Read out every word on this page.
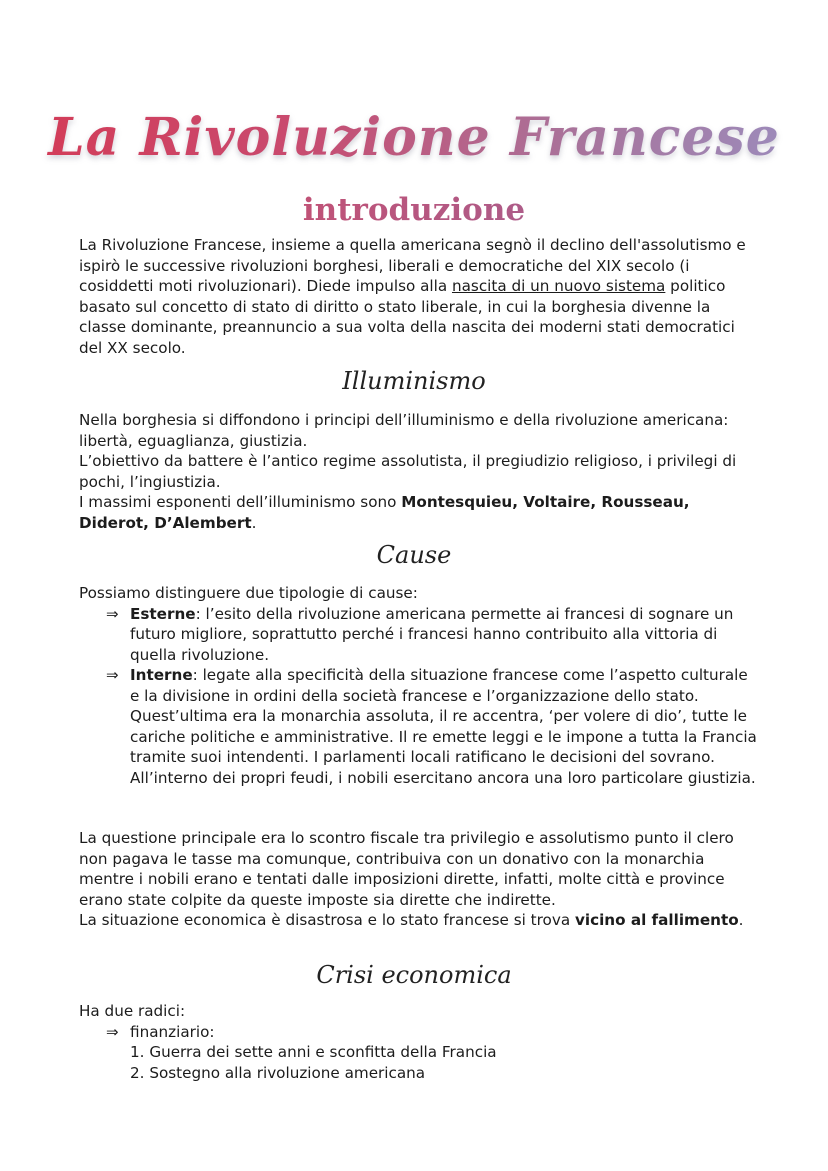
La Rivoluzione Francese
introduzione

La Rivoluzione Francese, insieme a quella americana segnò il declino dell'assolutismo e ispirò le successive rivoluzioni borghesi, liberali e democratiche del XIX secolo (i cosiddetti moti rivoluzionari). Diede impulso alla nascita di un nuovo sistema politico basato sul concetto di stato di diritto o stato liberale, in cui la borghesia divenne la classe dominante, preannuncio a sua volta della nascita dei moderni stati democratici del XX secolo.

Illuminismo

Nella borghesia si diffondono i principi dell’illuminismo e della rivoluzione americana: libertà, eguaglianza, giustizia.

L’obiettivo da battere è l’antico regime assolutista, il pregiudizio religioso, i privilegi di pochi, l’ingiustizia.

I massimi esponenti dell’illuminismo sono Montesquieu, Voltaire, Rousseau, Diderot, D’Alembert.

Cause

Possiamo distinguere due tipologie di cause:

⇒ Esterne: l’esito della rivoluzione americana permette ai francesi di sognare un futuro migliore, soprattutto perché i francesi hanno contribuito alla vittoria di quella rivoluzione.
⇒ Interne: legate alla specificità della situazione francese come l’aspetto culturale e la divisione in ordini della società francese e l’organizzazione dello stato. Quest’ultima era la monarchia assoluta, il re accentra, ‘per volere di dio’, tutte le cariche politiche e amministrative. Il re emette leggi e le impone a tutta la Francia tramite suoi intendenti. I parlamenti locali ratificano le decisioni del sovrano. All’interno dei propri feudi, i nobili esercitano ancora una loro particolare giustizia.

La questione principale era lo scontro fiscale tra privilegio e assolutismo punto il clero non pagava le tasse ma comunque, contribuiva con un donativo con la monarchia mentre i nobili erano e tentati dalle imposizioni dirette, infatti, molte città e province erano state colpite da queste imposte sia dirette che indirette.

La situazione economica è disastrosa e lo stato francese si trova vicino al fallimento.

Crisi economica

Ha due radici:

⇒ finanziario:
1. Guerra dei sette anni e sconfitta della Francia
2. Sostegno alla rivoluzione americana
